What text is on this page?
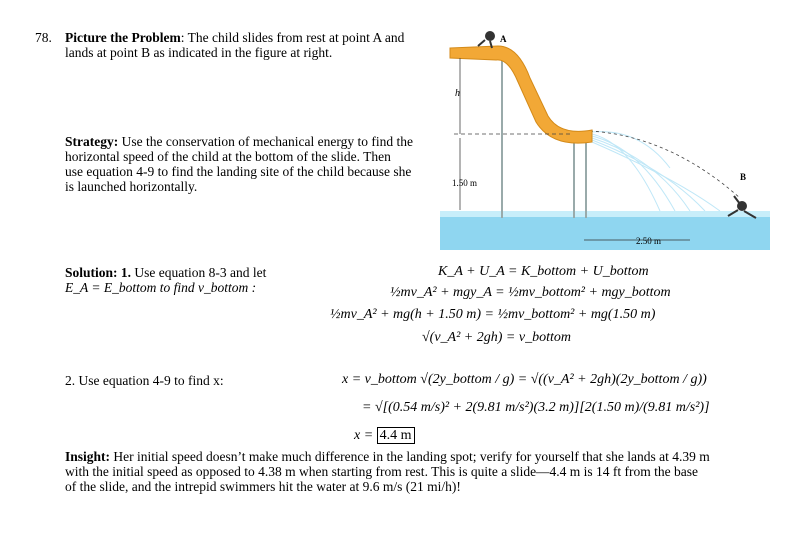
78. Picture the Problem: The child slides from rest at point A and
lands at point B as indicated in the figure at right.
Strategy: Use the conservation of mechanical energy to find the
horizontal speed of the child at the bottom of the slide. Then
use equation 4-9 to find the landing site of the child because she
is launched horizontally.
A
h
1.50 m
2.50 m
B
Solution: 1. Use equation 8-3 and let
E_A = E_bottom to find v_bottom :
K_A + U_A = K_bottom + U_bottom
½mv_A² + mgy_A = ½mv_bottom² + mgy_bottom
½mv_A² + mg(h + 1.50 m) = ½mv_bottom² + mg(1.50 m)
√(v_A² + 2gh) = v_bottom
2. Use equation 4-9 to find x:	x = v_bottom √(2y_bottom / g) = √((v_A² + 2gh)(2y_bottom / g))
= √[(0.54 m/s)² + 2(9.81 m/s²)(3.2 m)][2(1.50 m)/(9.81 m/s²)]
x = 4.4 m
Insight: Her initial speed doesn’t make much difference in the landing spot; verify for yourself that she lands at 4.39 m
with the initial speed as opposed to 4.38 m when starting from rest. This is quite a slide—4.4 m is 14 ft from the base
of the slide, and the intrepid swimmers hit the water at 9.6 m/s (21 mi/h)!
